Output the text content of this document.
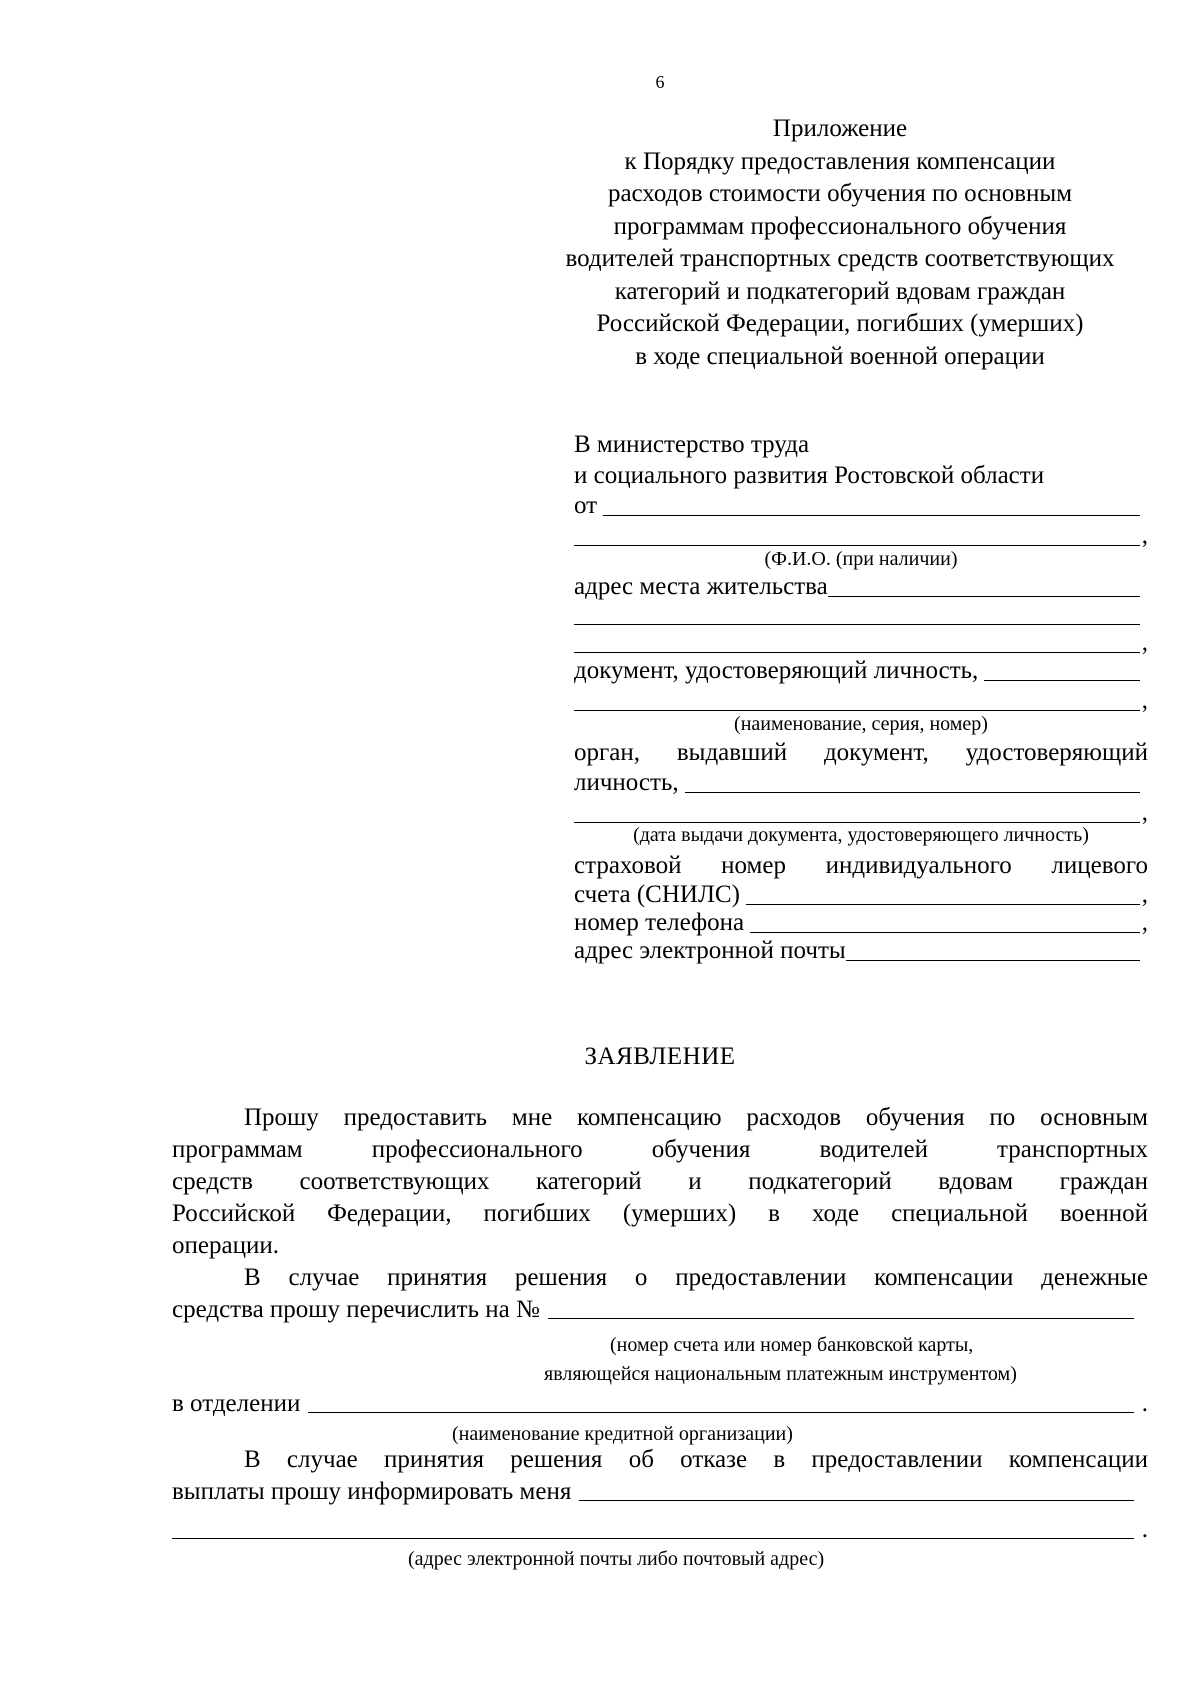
6
Приложение
к Порядку предоставления компенсации
расходов стоимости обучения по основным
программам профессионального обучения
водителей транспортных средств соответствующих
категорий и подкатегорий вдовам граждан
Российской Федерации, погибших (умерших)
в ходе специальной военной операции
В министерство труда
и социального развития Ростовской области
от
,
(Ф.И.О. (при наличии)
адрес места жительства
,
документ, удостоверяющий личность,
,
(наименование, серия, номер)
орган, выдавший документ, удостоверяющий
личность,
,
(дата выдачи документа, удостоверяющего личность)
страховой номер индивидуального лицевого
счета (СНИЛС)	,
номер телефона	,
адрес электронной почты
ЗАЯВЛЕНИЕ
Прошу предоставить мне компенсацию расходов обучения по основным
программам профессионального обучения водителей транспортных
средств соответствующих категорий и подкатегорий вдовам граждан
Российской Федерации, погибших (умерших) в ходе специальной военной
операции.
В случае принятия решения о предоставлении компенсации денежные
средства прошу перечислить на №
(номер счета или номер банковской карты,
являющейся национальным платежным инструментом)
в отделении	.
(наименование кредитной организации)
В случае принятия решения об отказе в предоставлении компенсации
выплаты прошу информировать меня
.
(адрес электронной почты либо почтовый адрес)
